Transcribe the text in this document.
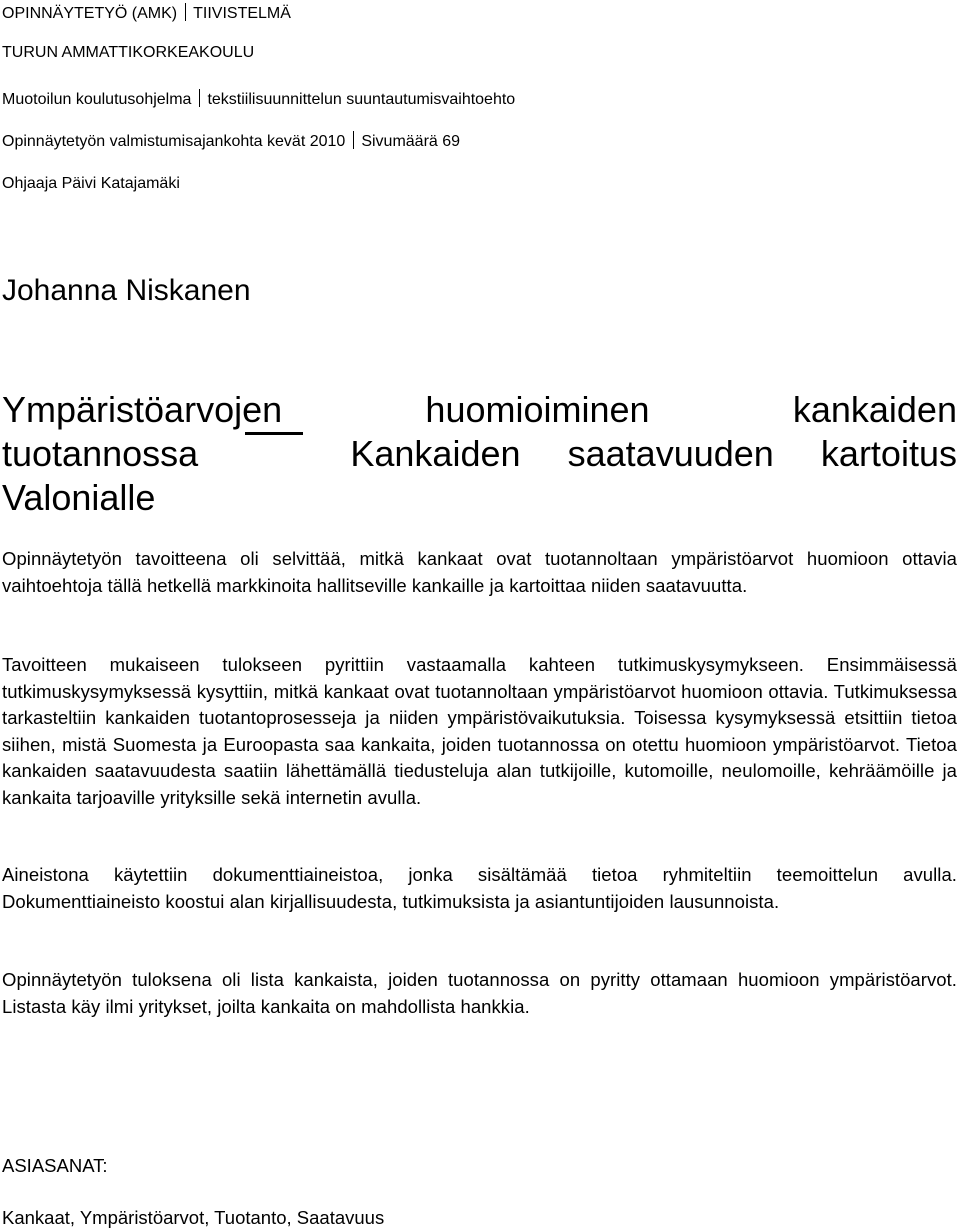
OPINNÄYTETYÖ (AMK) TIIVISTELMÄ
TURUN AMMATTIKORKEAKOULU
Muotoilun koulutusohjelma tekstiilisuunnittelun suuntautumisvaihtoehto
Opinnäytetyön valmistumisajankohta kevät 2010 Sivumäärä 69
Ohjaaja Päivi Katajamäki
Johanna Niskanen
Ympäristöarvojen	huomioiminen	kankaiden
tuotannossa	Kankaiden saatavuuden kartoitus
Valonialle
Opinnäytetyön tavoitteena oli selvittää, mitkä kankaat ovat tuotannoltaan ympäristöarvot huomioon ottavia vaihtoehtoja tällä hetkellä markkinoita hallitseville kankaille ja kartoittaa niiden saatavuutta.
Tavoitteen mukaiseen tulokseen pyrittiin vastaamalla kahteen tutkimuskysymykseen. Ensimmäisessä tutkimuskysymyksessä kysyttiin, mitkä kankaat ovat tuotannoltaan ympäristöarvot huomioon ottavia. Tutkimuksessa tarkasteltiin kankaiden tuotantoprosesseja ja niiden ympäristövaikutuksia. Toisessa kysymyksessä etsittiin tietoa siihen, mistä Suomesta ja Euroopasta saa kankaita, joiden tuotannossa on otettu huomioon ympäristöarvot. Tietoa kankaiden saatavuudesta saatiin lähettämällä tiedusteluja alan tutkijoille, kutomoille, neulomoille, kehräämöille ja kankaita tarjoaville yrityksille sekä internetin avulla.
Aineistona käytettiin dokumenttiaineistoa, jonka sisältämää tietoa ryhmiteltiin teemoittelun avulla. Dokumenttiaineisto koostui alan kirjallisuudesta, tutkimuksista ja asiantuntijoiden lausunnoista.
Opinnäytetyön tuloksena oli lista kankaista, joiden tuotannossa on pyritty ottamaan huomioon ympäristöarvot. Listasta käy ilmi yritykset, joilta kankaita on mahdollista hankkia.
ASIASANAT:
Kankaat, Ympäristöarvot, Tuotanto, Saatavuus
